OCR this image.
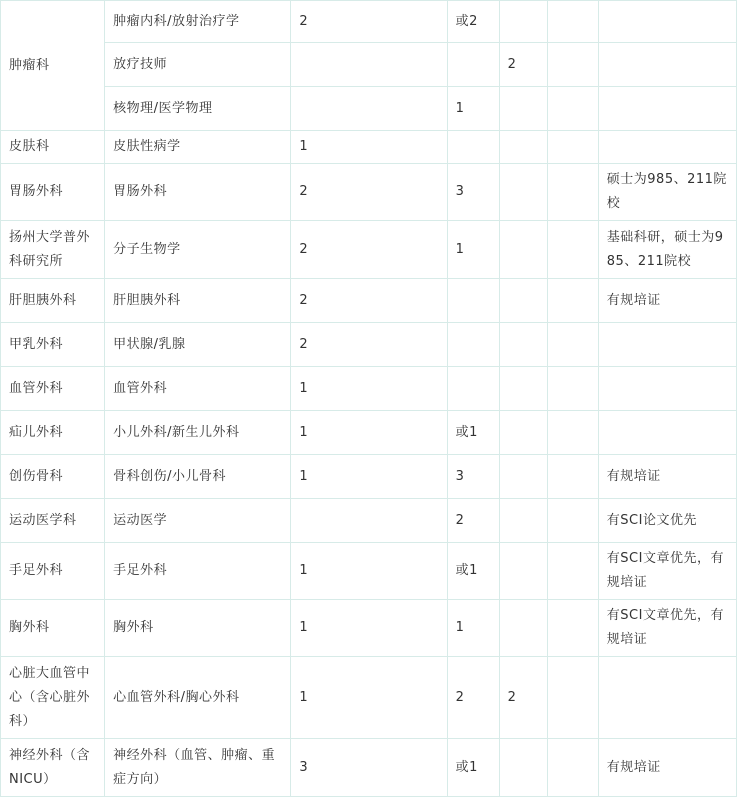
肿瘤科	肿瘤内科/放射治疗学	2	或2			
	放疗技师			2		
	核物理/医学物理		1			
皮肤科	皮肤性病学	1				
胃肠外科	胃肠外科	2	3			硕士为985、211院校
扬州大学普外科研究所	分子生物学	2	1			基础科研，硕士为985、211院校
肝胆胰外科	肝胆胰外科	2				有规培证
甲乳外科	甲状腺/乳腺	2				
血管外科	血管外科	1				
疝儿外科	小儿外科/新生儿外科	1	或1			
创伤骨科	骨科创伤/小儿骨科	1	3			有规培证
运动医学科	运动医学		2			有SCI论文优先
手足外科	手足外科	1	或1			有SCI文章优先，有规培证
胸外科	胸外科	1	1			有SCI文章优先，有规培证
心脏大血管中心（含心脏外科）	心血管外科/胸心外科	1	2	2		
神经外科（含NICU）	神经外科（血管、肿瘤、重症方向）	3	或1			有规培证
